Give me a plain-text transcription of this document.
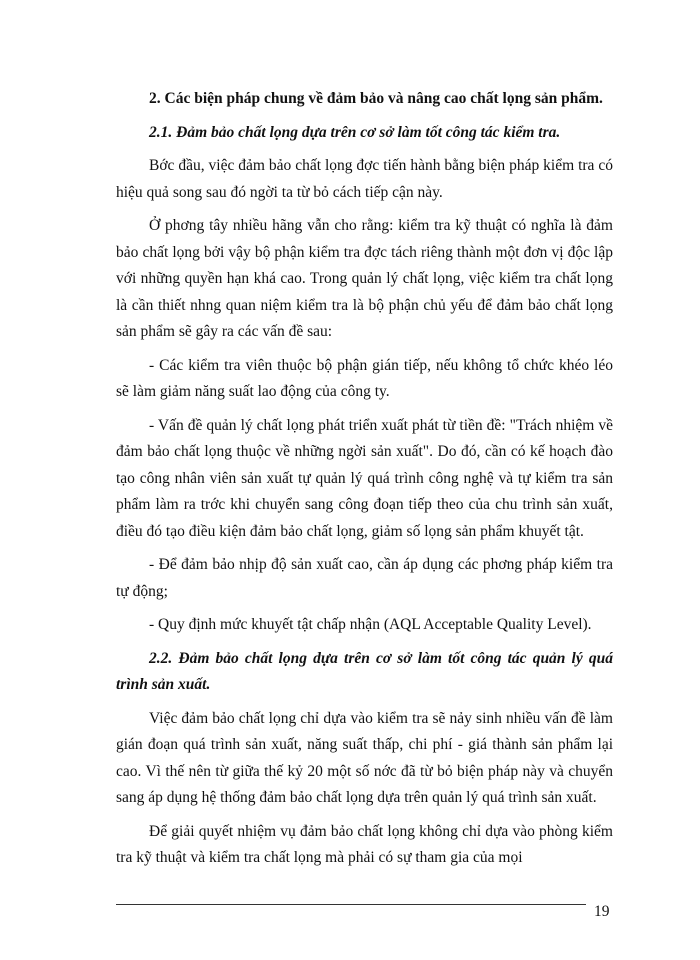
2. Các biện pháp chung về đảm bảo và nâng cao chất lọng sản phẩm.

2.1. Đảm bảo chất lọng dựa trên cơ sở làm tốt công tác kiểm tra.

Bớc đầu, việc đảm bảo chất lọng đợc tiến hành bằng biện pháp kiểm tra có hiệu quả song sau đó ngời ta từ bỏ cách tiếp cận này.

Ở phơng tây nhiều hãng vẫn cho rằng: kiểm tra kỹ thuật có nghĩa là đảm bảo chất lọng bởi vậy bộ phận kiểm tra đợc tách riêng thành một đơn vị độc lập với những quyền hạn khá cao. Trong quản lý chất lọng, việc kiểm tra chất lọng là cần thiết nhng quan niệm kiểm tra là bộ phận chủ yếu để đảm bảo chất lọng sản phẩm sẽ gây ra các vấn đề sau:

- Các kiểm tra viên thuộc bộ phận gián tiếp, nếu không tổ chức khéo léo sẽ làm giảm năng suất lao động của công ty.

- Vấn đề quản lý chất lọng phát triển xuất phát từ tiền đề: "Trách nhiệm về đảm bảo chất lọng thuộc về những ngời sản xuất". Do đó, cần có kế hoạch đào tạo công nhân viên sản xuất tự quản lý quá trình công nghệ và tự kiểm tra sản phẩm làm ra trớc khi chuyển sang công đoạn tiếp theo của chu trình sản xuất, điều đó tạo điều kiện đảm bảo chất lọng, giảm số lọng sản phẩm khuyết tật.

- Để đảm bảo nhịp độ sản xuất cao, cần áp dụng các phơng pháp kiểm tra tự động;

- Quy định mức khuyết tật chấp nhận (AQL Acceptable Quality Level).

2.2. Đảm bảo chất lọng dựa trên cơ sở làm tốt công tác quản lý quá trình sản xuất.

Việc đảm bảo chất lọng chỉ dựa vào kiểm tra sẽ nảy sinh nhiều vấn đề làm gián đoạn quá trình sản xuất, năng suất thấp, chi phí - giá thành sản phẩm lại cao. Vì thế nên từ giữa thế kỷ 20 một số nớc đã từ bỏ biện pháp này và chuyển sang áp dụng hệ thống đảm bảo chất lọng dựa trên quản lý quá trình sản xuất.

Để giải quyết nhiệm vụ đảm bảo chất lọng không chỉ dựa vào phòng kiểm tra kỹ thuật và kiểm tra chất lọng mà phải có sự tham gia của mọi

19
